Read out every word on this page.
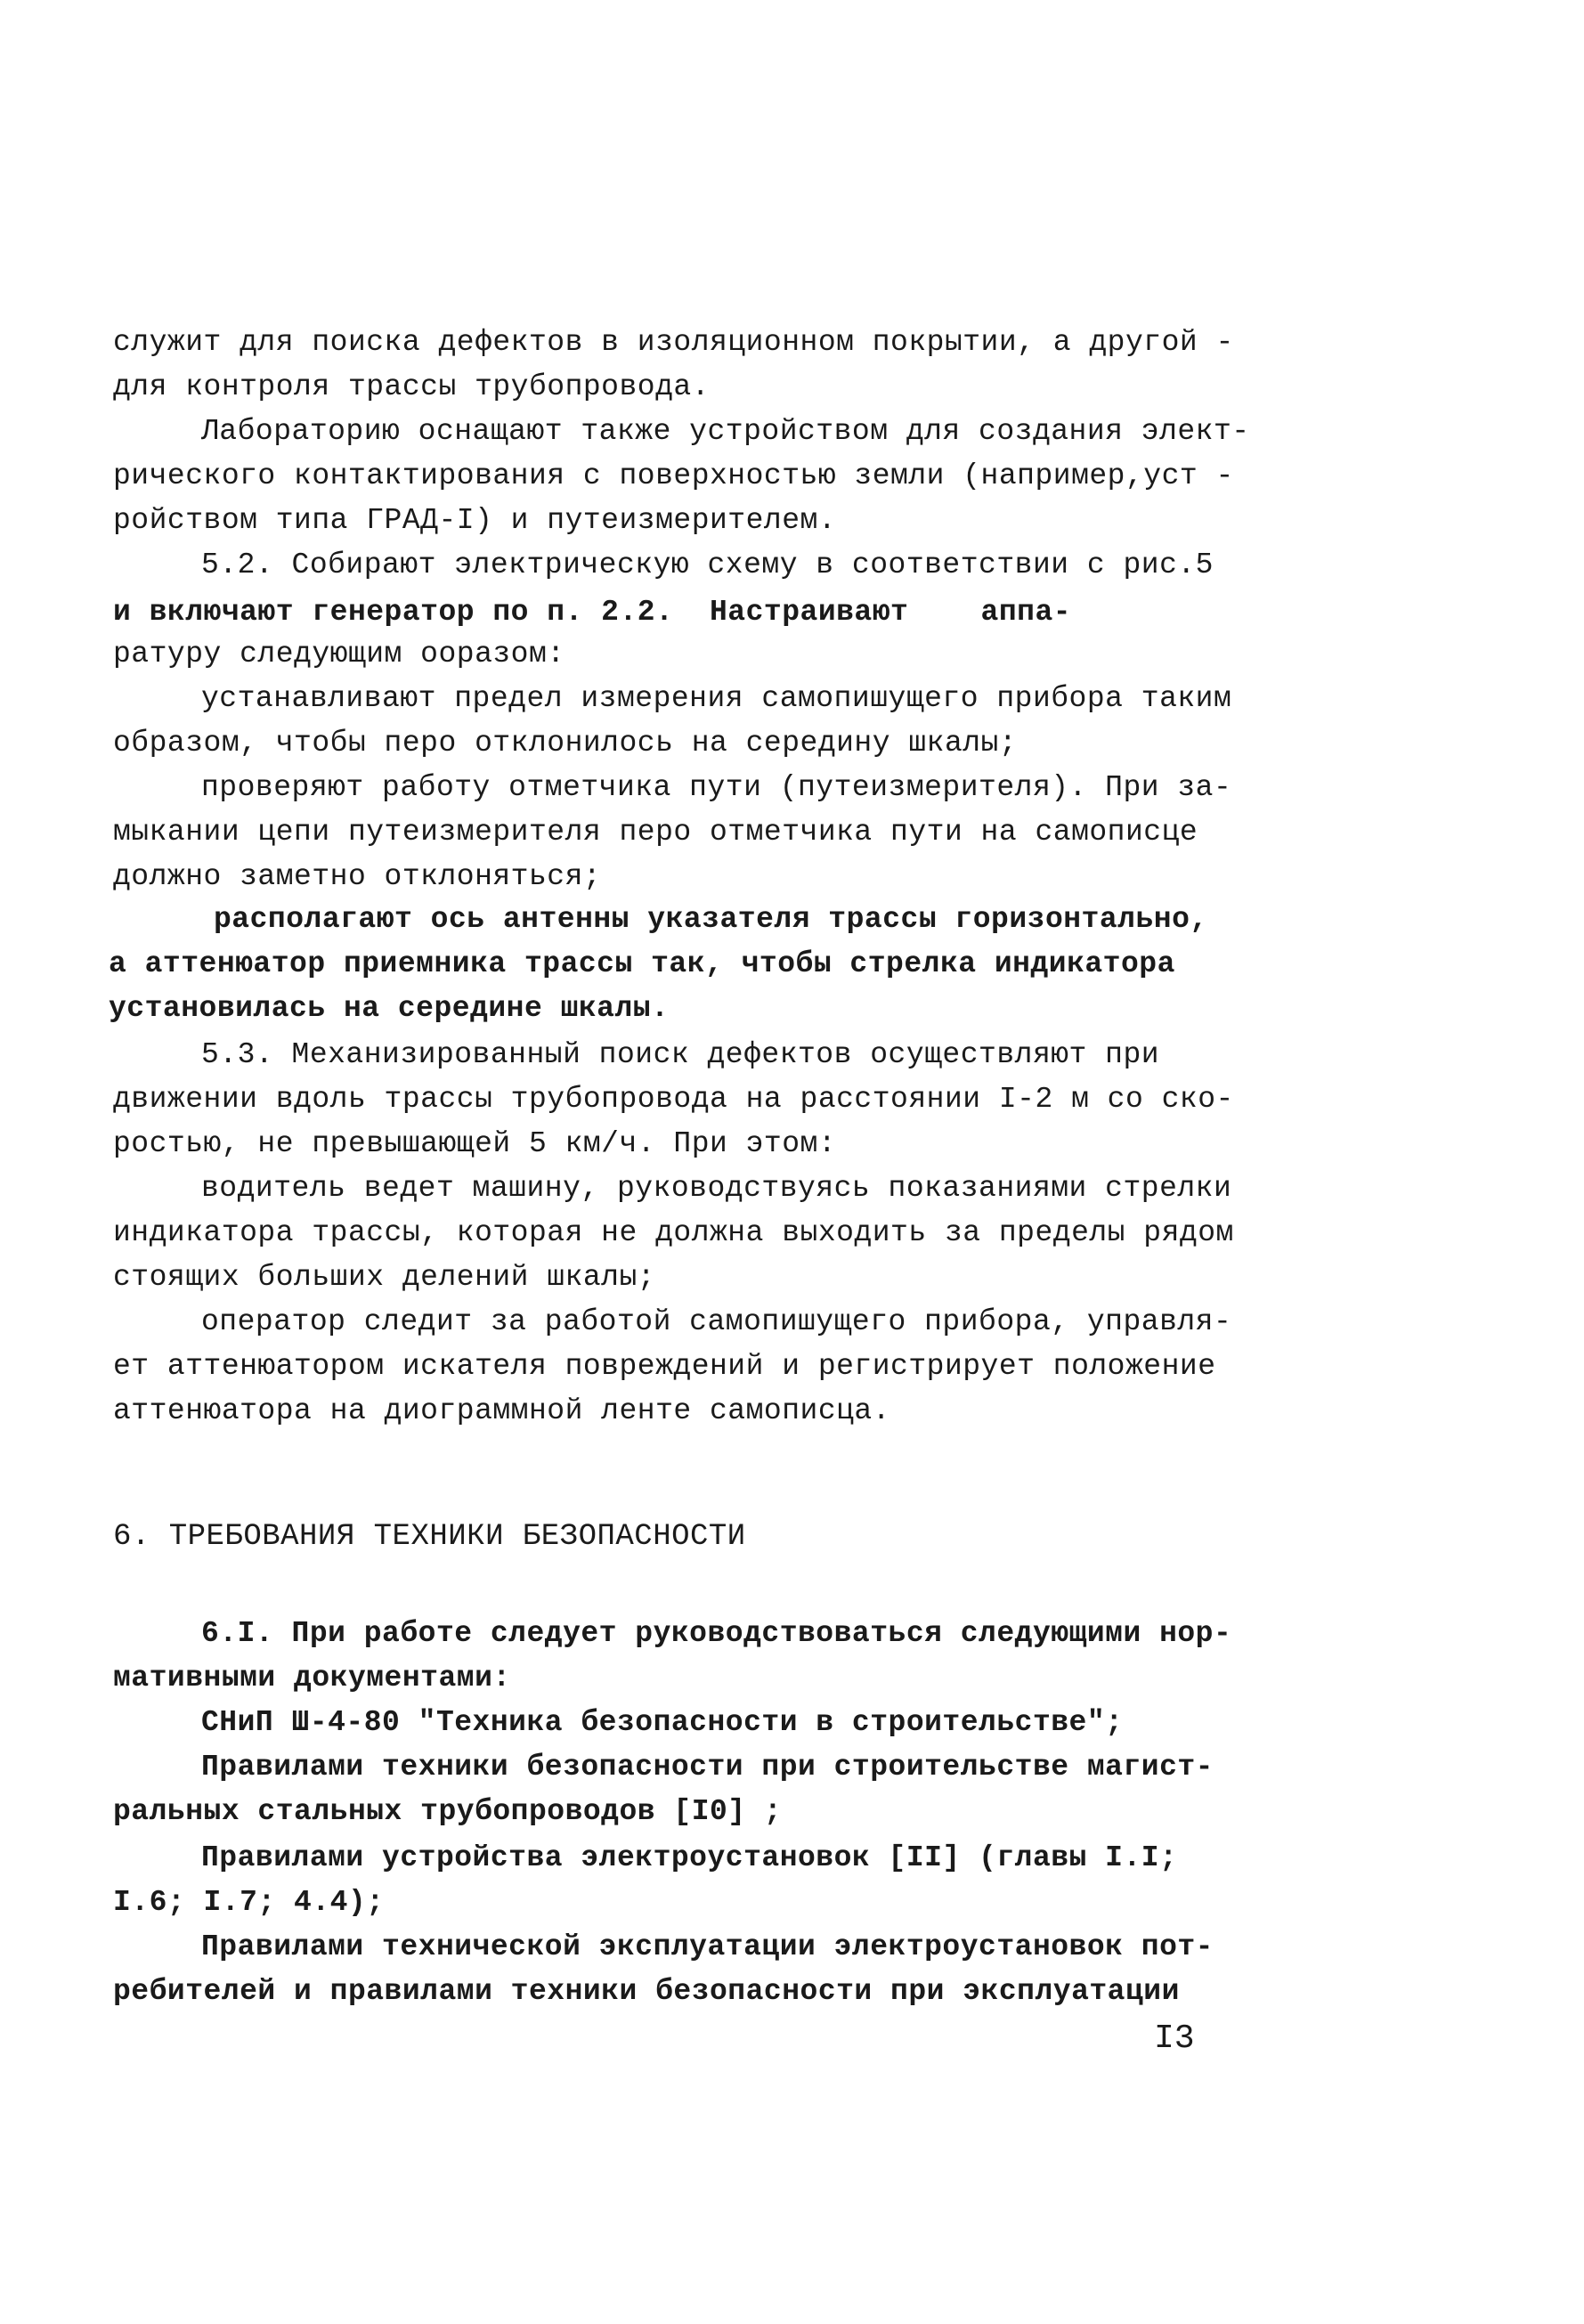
служит для поиска дефектов в изоляционном покрытии, а другой -
для контроля трассы трубопровода.
Лабораторию оснащают также устройством для создания элект-
рического контактирования с поверхностью земли (например,уст -
ройством типа ГРАД-I) и путеизмерителем.
5.2. Собирают электрическую схему в соответствии с рис.5
и включают генератор по п. 2.2.  Настраивают    аппа-
ратуру следующим ооразом:
устанавливают предел измерения самопишущего прибора таким
образом, чтобы перо отклонилось на середину шкалы;
проверяют работу отметчика пути (путеизмерителя). При за-
мыкании цепи путеизмерителя перо отметчика пути на самописце
должно заметно отклоняться;
располагают ось антенны указателя трассы горизонтально,
а аттенюатор приемника трассы так, чтобы стрелка индикатора
установилась на середине шкалы.
5.3. Механизированный поиск дефектов осуществляют при
движении вдоль трассы трубопровода на расстоянии I-2 м со ско-
ростью, не превышающей 5 км/ч. При этом:
водитель ведет машину, руководствуясь показаниями стрелки
индикатора трассы, которая не должна выходить за пределы рядом
стоящих больших делений шкалы;
оператор следит за работой самопишущего прибора, управля-
ет аттенюатором искателя повреждений и регистрирует положение
аттенюатора на диограммной ленте самописца.
6. ТРЕБОВАНИЯ ТЕХНИКИ БЕЗОПАСНОСТИ
6.I. При работе следует руководствоваться следующими нор-
мативными документами:
СНиП Ш-4-80 "Техника безопасности в строительстве";
Правилами техники безопасности при строительстве магист-
ральных стальных трубопроводов [I0] ;
Правилами устройства электроустановок [II] (главы I.I;
I.6; I.7; 4.4);
Правилами технической эксплуатации электроустановок пот-
ребителей и правилами техники безопасности при эксплуатации
I3
